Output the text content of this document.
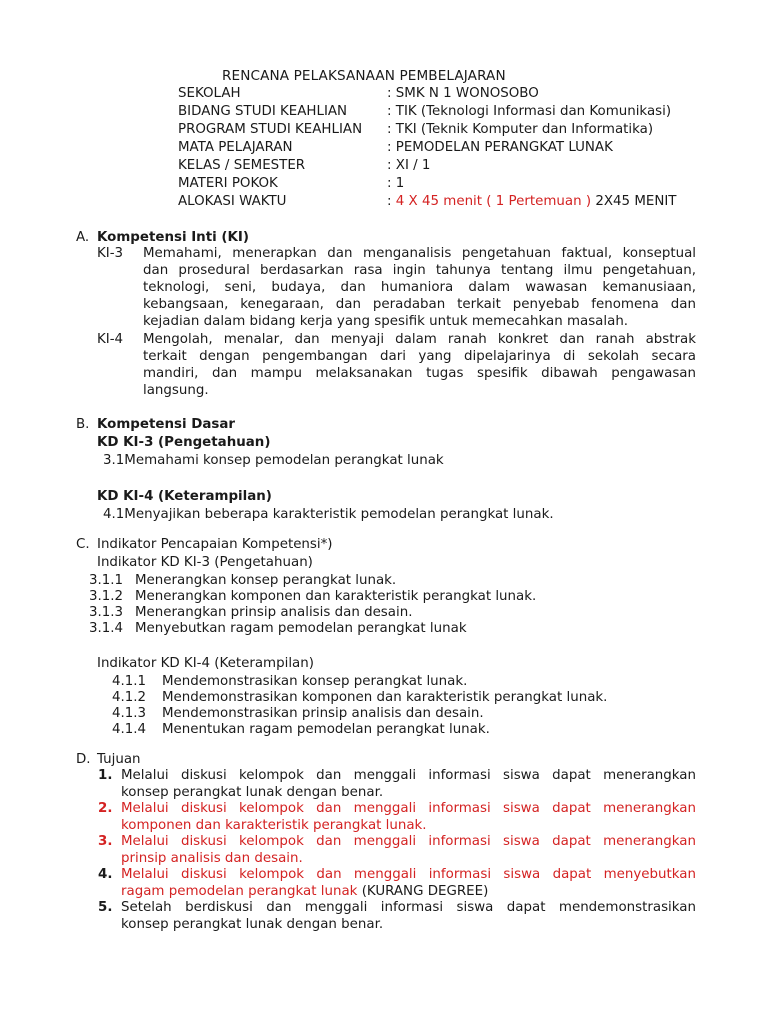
RENCANA PELAKSANAAN PEMBELAJARAN
SEKOLAH	: SMK N 1 WONOSOBO
BIDANG STUDI KEAHLIAN	: TIK (Teknologi Informasi dan Komunikasi)
PROGRAM STUDI KEAHLIAN : TKI (Teknik Komputer dan Informatika)
MATA PELAJARAN	: PEMODELAN PERANGKAT LUNAK
KELAS / SEMESTER	: XI / 1
MATERI POKOK	: 1
ALOKASI WAKTU	: 4 X 45 menit ( 1 Pertemuan ) 2X45 MENIT
A. Kompetensi Inti (KI)
KI-3 Memahami, menerapkan dan menganalisis pengetahuan faktual, konseptual
dan prosedural berdasarkan rasa ingin tahunya tentang ilmu pengetahuan,
teknologi, seni, budaya, dan humaniora dalam wawasan kemanusiaan,
kebangsaan, kenegaraan, dan peradaban terkait penyebab fenomena dan
kejadian dalam bidang kerja yang spesifik untuk memecahkan masalah.
KI-4 Mengolah, menalar, dan menyaji dalam ranah konkret dan ranah abstrak
terkait dengan pengembangan dari yang dipelajarinya di sekolah secara
mandiri, dan mampu melaksanakan tugas spesifik dibawah pengawasan
langsung.
B. Kompetensi Dasar
KD KI-3 (Pengetahuan)
3.1Memahami konsep pemodelan perangkat lunak
KD KI-4 (Keterampilan)
4.1Menyajikan beberapa karakteristik pemodelan perangkat lunak.
C. Indikator Pencapaian Kompetensi*)
Indikator KD KI-3 (Pengetahuan)
3.1.1 Menerangkan konsep perangkat lunak.
3.1.2 Menerangkan komponen dan karakteristik perangkat lunak.
3.1.3 Menerangkan prinsip analisis dan desain.
3.1.4 Menyebutkan ragam pemodelan perangkat lunak
Indikator KD KI-4 (Keterampilan)
4.1.1 Mendemonstrasikan konsep perangkat lunak.
4.1.2 Mendemonstrasikan komponen dan karakteristik perangkat lunak.
4.1.3 Mendemonstrasikan prinsip analisis dan desain.
4.1.4 Menentukan ragam pemodelan perangkat lunak.
D. Tujuan
1. Melalui diskusi kelompok dan menggali informasi siswa dapat menerangkan
konsep perangkat lunak dengan benar.
2. Melalui diskusi kelompok dan menggali informasi siswa dapat menerangkan
komponen dan karakteristik perangkat lunak.
3. Melalui diskusi kelompok dan menggali informasi siswa dapat menerangkan
prinsip analisis dan desain.
4. Melalui diskusi kelompok dan menggali informasi siswa dapat menyebutkan
ragam pemodelan perangkat lunak (KURANG DEGREE)
5. Setelah berdiskusi dan menggali informasi siswa dapat mendemonstrasikan
konsep perangkat lunak dengan benar.
